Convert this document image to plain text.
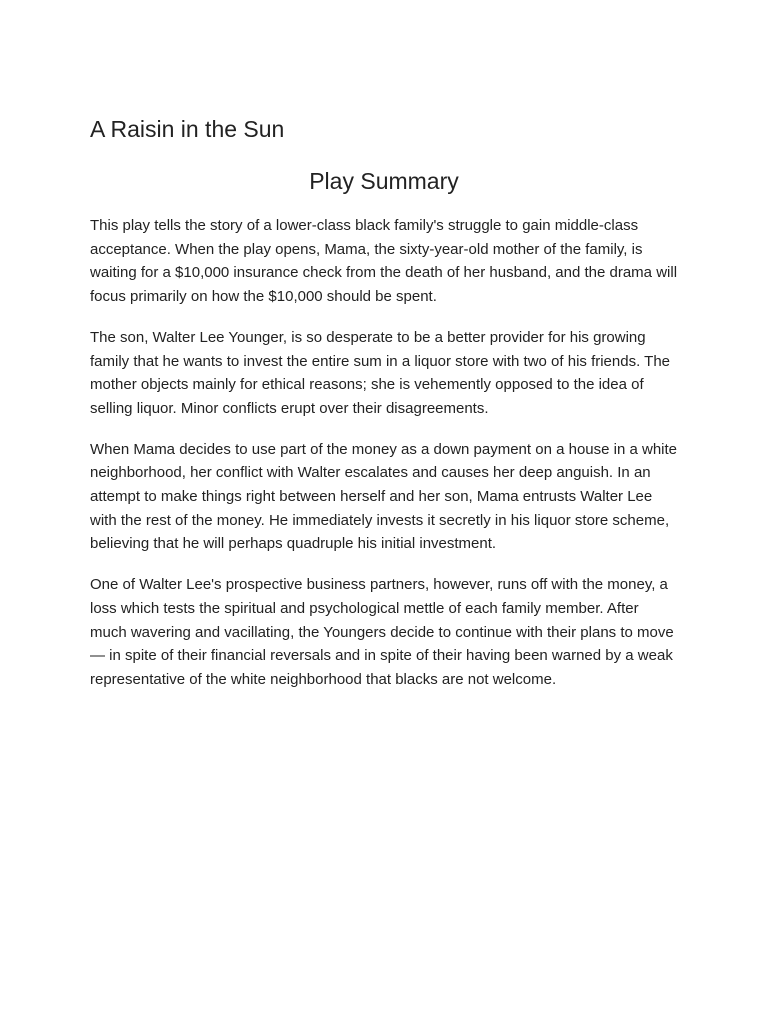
A Raisin in the Sun
Play Summary

This play tells the story of a lower-class black family's struggle to gain middle-class acceptance. When the play opens, Mama, the sixty-year-old mother of the family, is waiting for a $10,000 insurance check from the death of her husband, and the drama will focus primarily on how the $10,000 should be spent.

The son, Walter Lee Younger, is so desperate to be a better provider for his growing family that he wants to invest the entire sum in a liquor store with two of his friends. The mother objects mainly for ethical reasons; she is vehemently opposed to the idea of selling liquor. Minor conflicts erupt over their disagreements.

When Mama decides to use part of the money as a down payment on a house in a white neighborhood, her conflict with Walter escalates and causes her deep anguish. In an attempt to make things right between herself and her son, Mama entrusts Walter Lee with the rest of the money. He immediately invests it secretly in his liquor store scheme, believing that he will perhaps quadruple his initial investment.

One of Walter Lee's prospective business partners, however, runs off with the money, a loss which tests the spiritual and psychological mettle of each family member. After much wavering and vacillating, the Youngers decide to continue with their plans to move — in spite of their financial reversals and in spite of their having been warned by a weak representative of the white neighborhood that blacks are not welcome.
